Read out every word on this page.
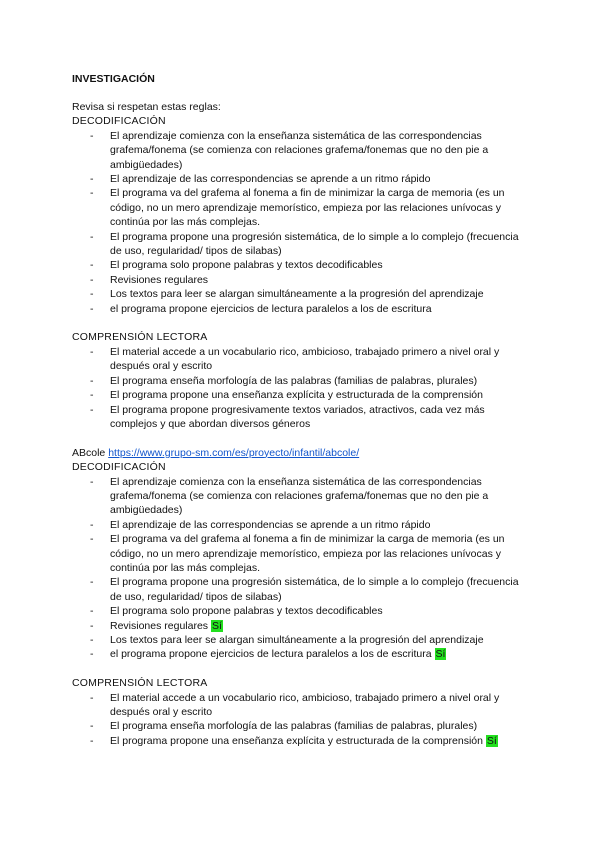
INVESTIGACIÓN
Revisa si respetan estas reglas:
DECODIFICACIÓN
- El aprendizaje comienza con la enseñanza sistemática de las correspondencias grafema/fonema (se comienza con relaciones grafema/fonemas que no den pie a ambigüedades)
- El aprendizaje de las correspondencias se aprende a un ritmo rápido
- El programa va del grafema al fonema a fin de minimizar la carga de memoria (es un código, no un mero aprendizaje memorístico, empieza por las relaciones unívocas y continúa por las más complejas.
- El programa propone una progresión sistemática, de lo simple a lo complejo (frecuencia de uso, regularidad/ tipos de silabas)
- El programa solo propone palabras y textos decodificables
- Revisiones regulares
- Los textos para leer se alargan simultáneamente a la progresión del aprendizaje
- el programa propone ejercicios de lectura paralelos a los de escritura
COMPRENSIÓN LECTORA
- El material accede a un vocabulario rico, ambicioso, trabajado primero a nivel oral y después oral y escrito
- El programa enseña morfología de las palabras (familias de palabras, plurales)
- El programa propone una enseñanza explícita y estructurada de la comprensión
- El programa propone progresivamente textos variados, atractivos, cada vez más complejos y que abordan diversos géneros
ABcole https://www.grupo-sm.com/es/proyecto/infantil/abcole/
DECODIFICACIÓN
- El aprendizaje comienza con la enseñanza sistemática de las correspondencias grafema/fonema (se comienza con relaciones grafema/fonemas que no den pie a ambigüedades)
- El aprendizaje de las correspondencias se aprende a un ritmo rápido
- El programa va del grafema al fonema a fin de minimizar la carga de memoria (es un código, no un mero aprendizaje memorístico, empieza por las relaciones unívocas y continúa por las más complejas.
- El programa propone una progresión sistemática, de lo simple a lo complejo (frecuencia de uso, regularidad/ tipos de silabas)
- El programa solo propone palabras y textos decodificables
- Revisiones regulares Sí
- Los textos para leer se alargan simultáneamente a la progresión del aprendizaje
- el programa propone ejercicios de lectura paralelos a los de escritura Sí
COMPRENSIÓN LECTORA
- El material accede a un vocabulario rico, ambicioso, trabajado primero a nivel oral y después oral y escrito
- El programa enseña morfología de las palabras (familias de palabras, plurales)
- El programa propone una enseñanza explícita y estructurada de la comprensión Sí
